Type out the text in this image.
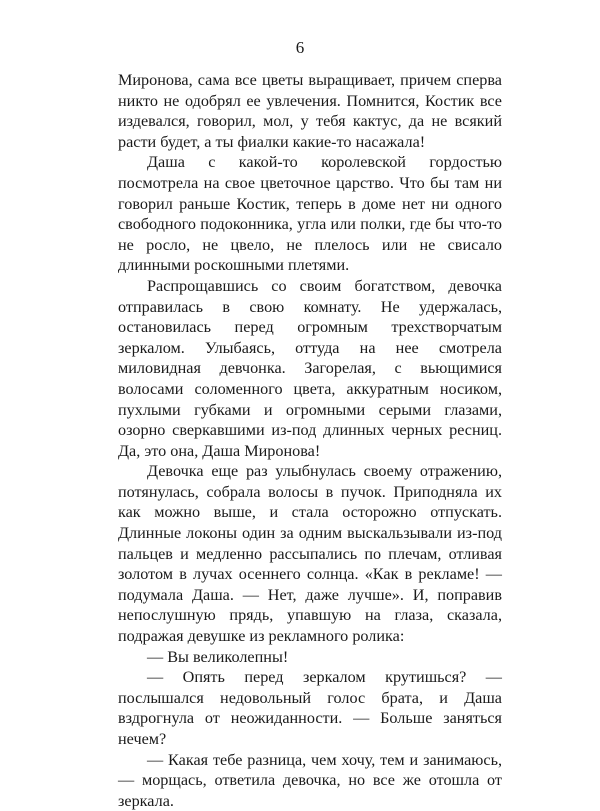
6

Миронова, сама все цветы выращивает, причем сперва никто не одобрял ее увлечения. Помнится, Костик все издевался, говорил, мол, у тебя кактус, да не всякий расти будет, а ты фиалки какие-то насажала!

Даша с какой-то королевской гордостью посмотрела на свое цветочное царство. Что бы там ни говорил раньше Костик, теперь в доме нет ни одного свободного подоконника, угла или полки, где бы что-то не росло, не цвело, не плелось или не свисало длинными роскошными плетями.

Распрощавшись со своим богатством, девочка отправилась в свою комнату. Не удержалась, остановилась перед огромным трехстворчатым зеркалом. Улыбаясь, оттуда на нее смотрела миловидная девчонка. Загорелая, с вьющимися волосами соломенного цвета, аккуратным носиком, пухлыми губками и огромными серыми глазами, озорно сверкавшими из-под длинных черных ресниц. Да, это она, Даша Миронова!

Девочка еще раз улыбнулась своему отражению, потянулась, собрала волосы в пучок. Приподняла их как можно выше, и стала осторожно отпускать. Длинные локоны один за одним выскальзывали из-под пальцев и медленно рассыпались по плечам, отливая золотом в лучах осеннего солнца. «Как в рекламе! — подумала Даша. — Нет, даже лучше». И, поправив непослушную прядь, упавшую на глаза, сказала, подражая девушке из рекламного ролика:

— Вы великолепны!

— Опять перед зеркалом крутишься? — послышался недовольный голос брата, и Даша вздрогнула от неожиданности. — Больше заняться нечем?

— Какая тебе разница, чем хочу, тем и занимаюсь, — морщась, ответила девочка, но все же отошла от зеркала.
